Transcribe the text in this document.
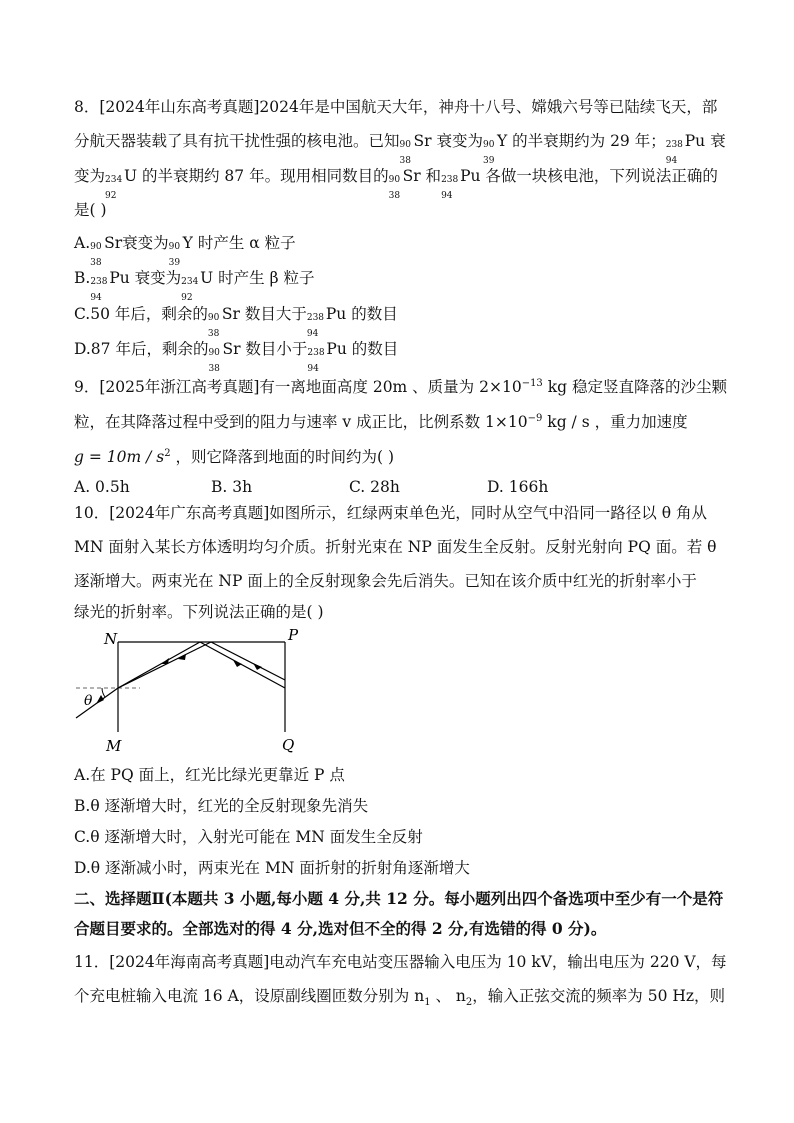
8．[2024年山东高考真题]2024年是中国航天大年，神舟十八号、嫦娥六号等已陆续飞天，部
分航天器装载了具有抗干扰性强的核电池。已知 90
38
Sr 衰变为 90
39
Y 的半衰期约为 29 年； 238
94
Pu 衰
变为 234
92
U 的半衰期约 87 年。现用相同数目的 90
38
Sr 和 238
94
Pu 各做一块核电池，下列说法正确的
是( )
A. 90
38
Sr衰变为 90
39
Y 时产生 α 粒子
B. 238
94
Pu 衰变为 234
92
U 时产生 β 粒子
C.50 年后，剩余的 90
38
Sr 数目大于 238
94
Pu 的数目
D.87 年后，剩余的 90
38
Sr 数目小于 238
94
Pu 的数目
9．[2025年浙江高考真题]有一离地面高度 20m 、质量为 $2\times 10^{-13}$ kg 稳定竖直降落的沙尘颗
粒，在其降落过程中受到的阻力与速率 v 成正比，比例系数 $1\times 10^{-9}$ kg / s ，重力加速度
$g = 10m / s^2$ ，则它降落到地面的时间约为( )
A. 0.5h	B. 3h	C. 28h	D. 166h
10．[2024年广东高考真题]如图所示，红绿两束单色光，同时从空气中沿同一路径以 θ 角从
MN 面射入某长方体透明均匀介质。折射光束在 NP 面发生全反射。反射光射向 PQ 面。若 θ
逐渐增大。两束光在 NP 面上的全反射现象会先后消失。已知在该介质中红光的折射率小于
绿光的折射率。下列说法正确的是( )
θ
N	P
M	Q
A.在 PQ 面上，红光比绿光更靠近 P 点
B.θ 逐渐增大时，红光的全反射现象先消失
C.θ 逐渐增大时，入射光可能在 MN 面发生全反射
D.θ 逐渐减小时，两束光在 MN 面折射的折射角逐渐增大
二、选择题Ⅱ(本题共 3 小题,每小题 4 分,共 12 分。每小题列出四个备选项中至少有一个是符
合题目要求的。全部选对的得 4 分,选对但不全的得 2 分,有选错的得 0 分)。
11．[2024年海南高考真题]电动汽车充电站变压器输入电压为 10 kV，输出电压为 220 V，每
个充电桩输入电流 16 A，设原副线圈匝数分别为 $n_1$ 、 $n_2$，输入正弦交流的频率为 50 Hz，则
